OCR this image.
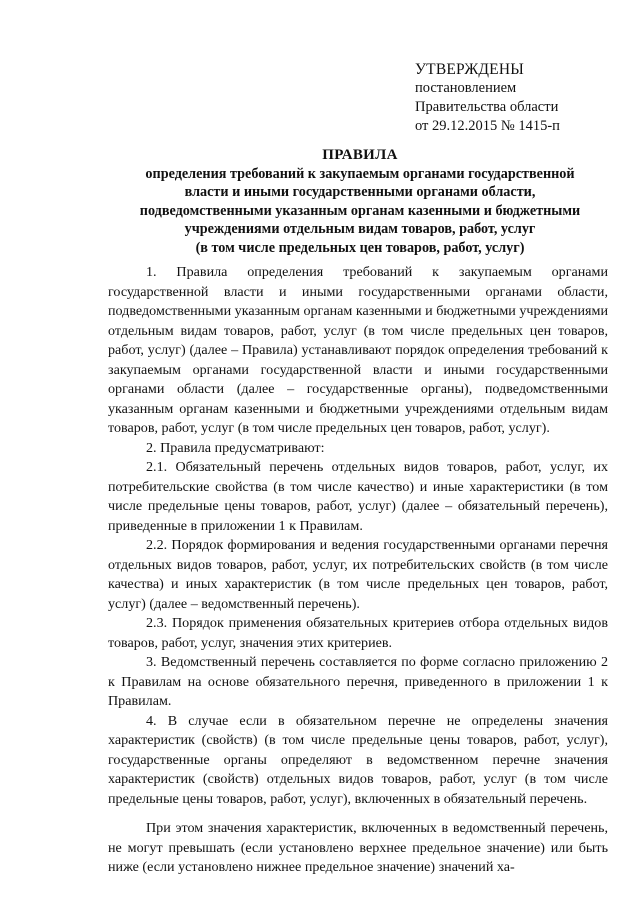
УТВЕРЖДЕНЫ
постановлением
Правительства области
от 29.12.2015 № 1415-п
ПРАВИЛА
определения требований к закупаемым органами государственной
власти и иными государственными органами области,
подведомственными указанным органам казенными и бюджетными
учреждениями отдельным видам товаров, работ, услуг
(в том числе предельных цен товаров, работ, услуг)

1. Правила определения требований к закупаемым органами государственной власти и иными государственными органами области, подведомственными указанным органам казенными и бюджетными учреждениями отдельным видам товаров, работ, услуг (в том числе предельных цен товаров, работ, услуг) (далее – Правила) устанавливают порядок определения требований к закупаемым органами государственной власти и иными государственными органами области (далее – государственные органы), подведомственными указанным органам казенными и бюджетными учреждениями отдельным видам товаров, работ, услуг (в том числе предельных цен товаров, работ, услуг).

2. Правила предусматривают:

2.1. Обязательный перечень отдельных видов товаров, работ, услуг, их потребительские свойства (в том числе качество) и иные характеристики (в том числе предельные цены товаров, работ, услуг) (далее – обязательный перечень), приведенные в приложении 1 к Правилам.

2.2. Порядок формирования и ведения государственными органами перечня отдельных видов товаров, работ, услуг, их потребительских свойств (в том числе качества) и иных характеристик (в том числе предельных цен товаров, работ, услуг) (далее – ведомственный перечень).

2.3. Порядок применения обязательных критериев отбора отдельных видов товаров, работ, услуг, значения этих критериев.

3. Ведомственный перечень составляется по форме согласно приложению 2 к Правилам на основе обязательного перечня, приведенного в приложении 1 к Правилам.

4. В случае если в обязательном перечне не определены значения характеристик (свойств) (в том числе предельные цены товаров, работ, услуг), государственные органы определяют в ведомственном перечне значения характеристик (свойств) отдельных видов товаров, работ, услуг (в том числе предельные цены товаров, работ, услуг), включенных в обязательный перечень.

При этом значения характеристик, включенных в ведомственный перечень, не могут превышать (если установлено верхнее предельное значение) или быть ниже (если установлено нижнее предельное значение) значений ха-
